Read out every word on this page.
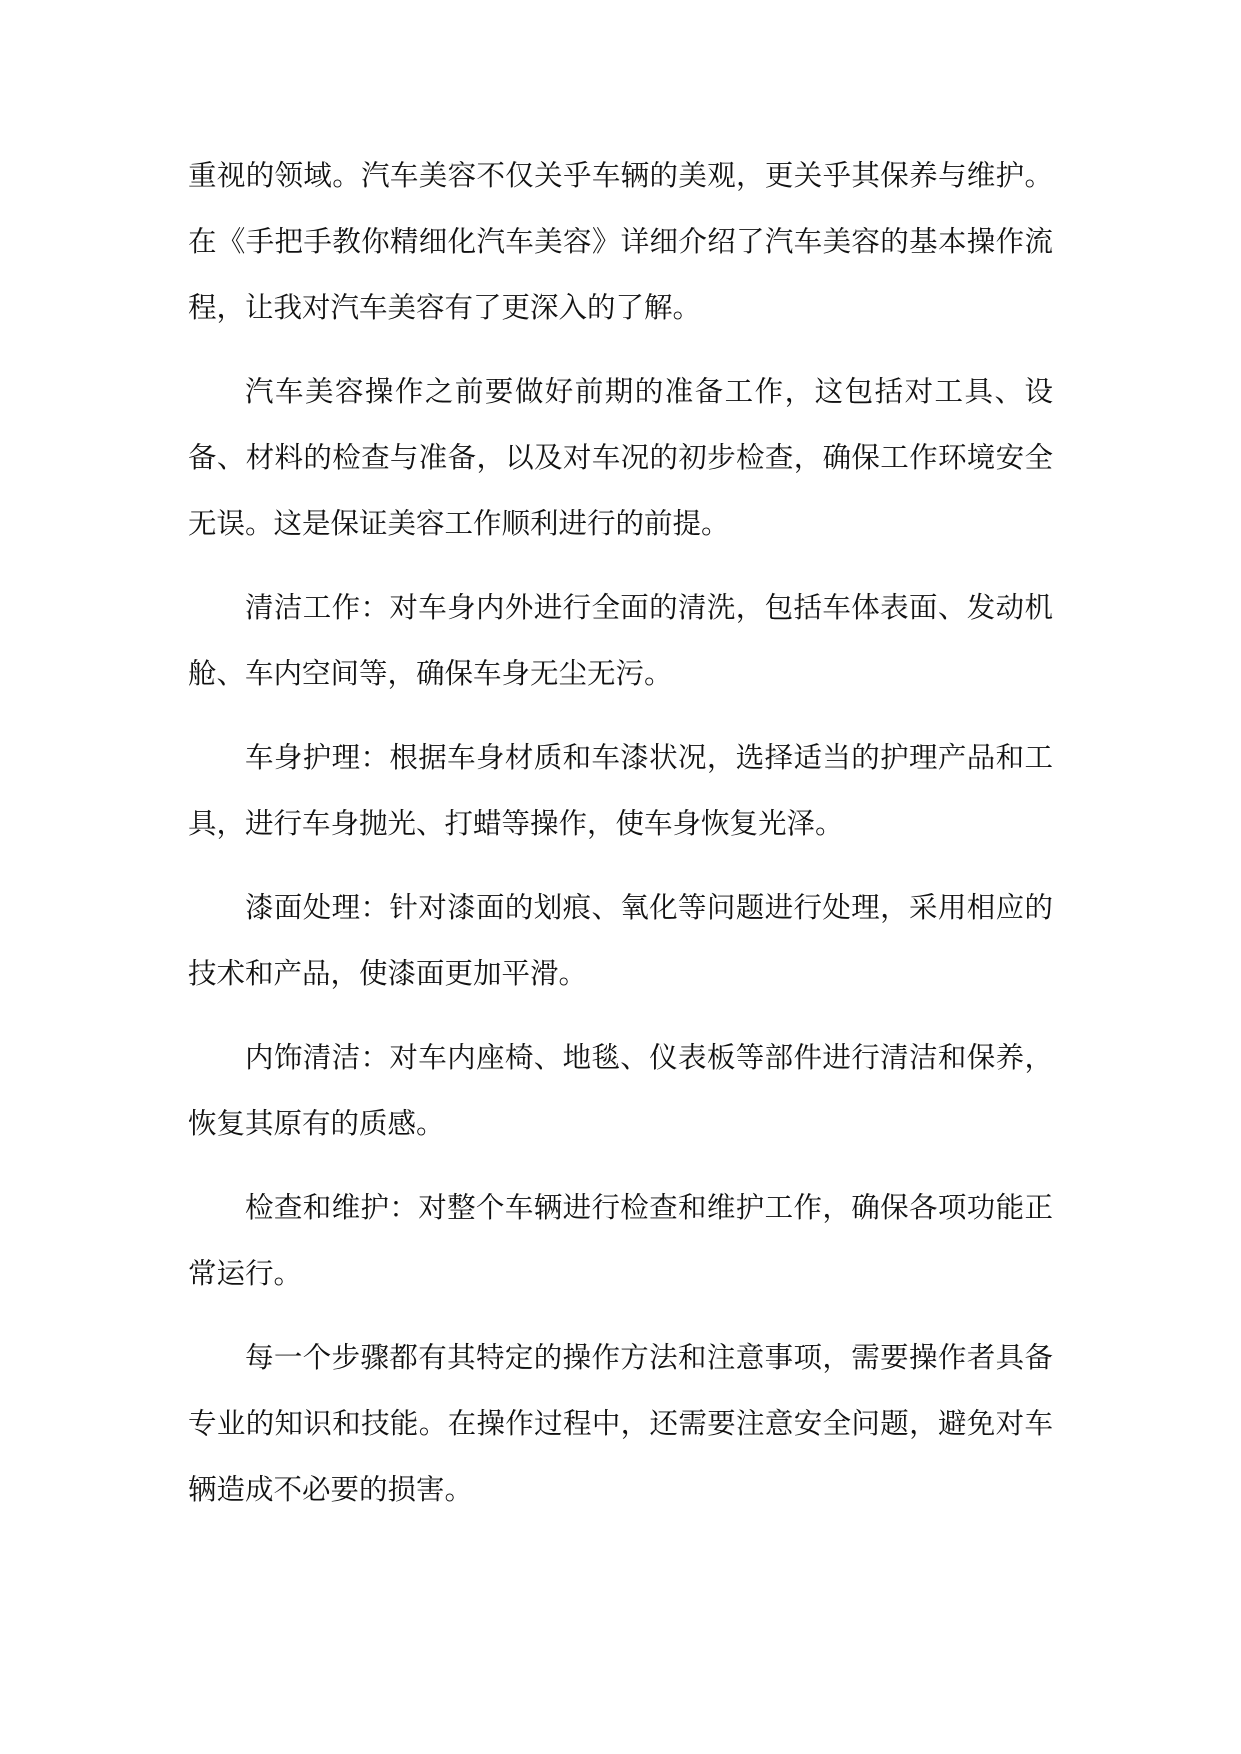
重视的领域。汽车美容不仅关乎车辆的美观，更关乎其保养与维护。在《手把手教你精细化汽车美容》详细介绍了汽车美容的基本操作流程，让我对汽车美容有了更深入的了解。

汽车美容操作之前要做好前期的准备工作，这包括对工具、设备、材料的检查与准备，以及对车况的初步检查，确保工作环境安全无误。这是保证美容工作顺利进行的前提。

清洁工作：对车身内外进行全面的清洗，包括车体表面、发动机舱、车内空间等，确保车身无尘无污。

车身护理：根据车身材质和车漆状况，选择适当的护理产品和工具，进行车身抛光、打蜡等操作，使车身恢复光泽。

漆面处理：针对漆面的划痕、氧化等问题进行处理，采用相应的技术和产品，使漆面更加平滑。

内饰清洁：对车内座椅、地毯、仪表板等部件进行清洁和保养，恢复其原有的质感。

检查和维护：对整个车辆进行检查和维护工作，确保各项功能正常运行。

每一个步骤都有其特定的操作方法和注意事项，需要操作者具备专业的知识和技能。在操作过程中，还需要注意安全问题，避免对车辆造成不必要的损害。
